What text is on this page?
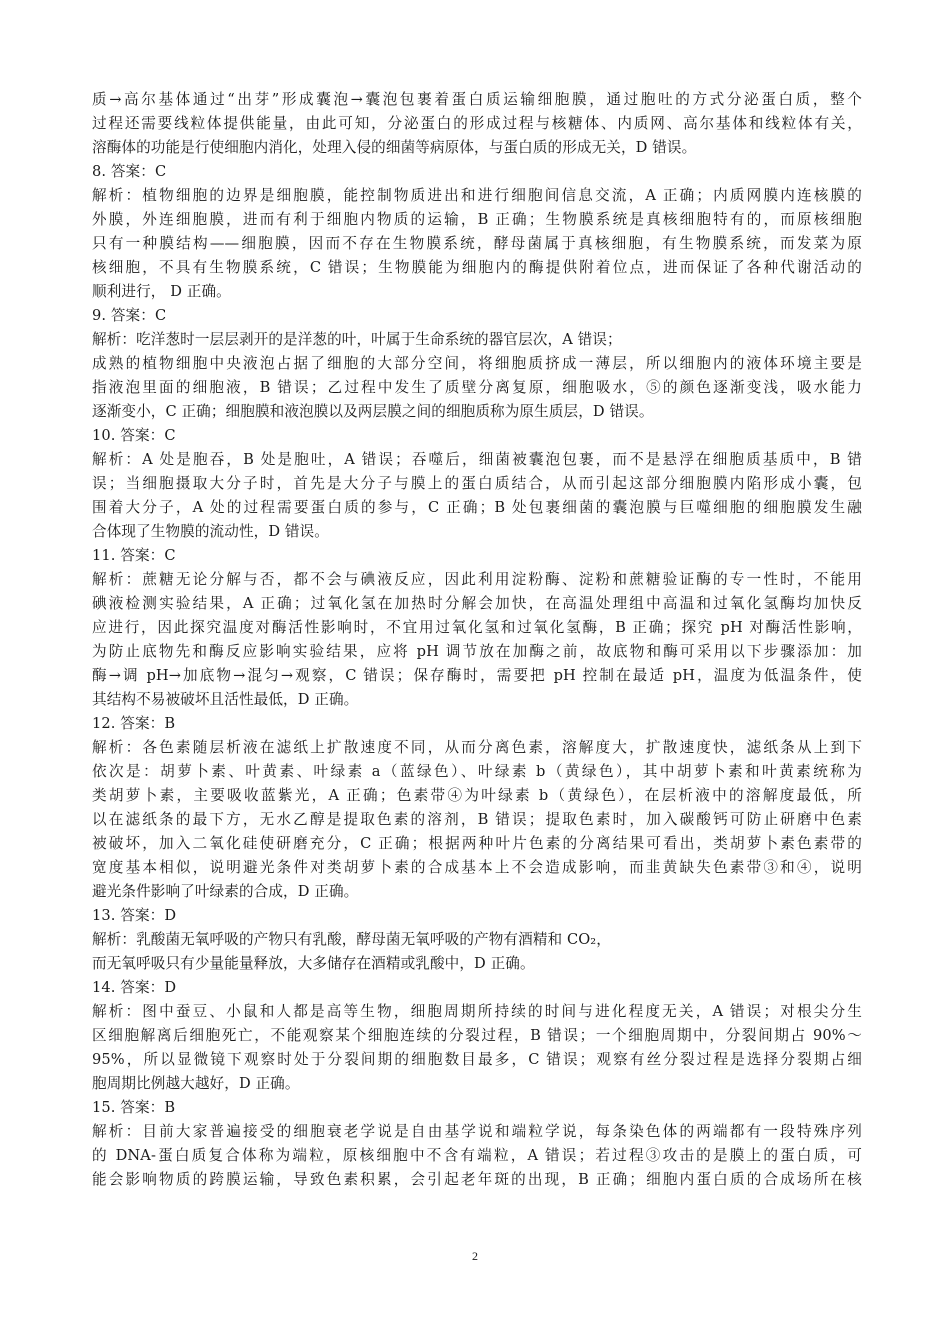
质→高尔基体通过“出芽”形成囊泡→囊泡包裹着蛋白质运输细胞膜，通过胞吐的方式分泌蛋白质，整个
过程还需要线粒体提供能量，由此可知，分泌蛋白的形成过程与核糖体、内质网、高尔基体和线粒体有关，
溶酶体的功能是行使细胞内消化，处理入侵的细菌等病原体，与蛋白质的形成无关，D 错误。
8. 答案：C
解析：植物细胞的边界是细胞膜，能控制物质进出和进行细胞间信息交流，A 正确；内质网膜内连核膜的
外膜，外连细胞膜，进而有利于细胞内物质的运输，B 正确；生物膜系统是真核细胞特有的，而原核细胞
只有一种膜结构——细胞膜，因而不存在生物膜系统，酵母菌属于真核细胞，有生物膜系统，而发菜为原
核细胞，不具有生物膜系统，C 错误；生物膜能为细胞内的酶提供附着位点，进而保证了各种代谢活动的
顺利进行， D 正确。
9. 答案：C
解析：吃洋葱时一层层剥开的是洋葱的叶，叶属于生命系统的器官层次，A 错误；
成熟的植物细胞中央液泡占据了细胞的大部分空间，将细胞质挤成一薄层，所以细胞内的液体环境主要是
指液泡里面的细胞液，B 错误；乙过程中发生了质壁分离复原，细胞吸水，⑤的颜色逐渐变浅，吸水能力
逐渐变小，C 正确；细胞膜和液泡膜以及两层膜之间的细胞质称为原生质层，D 错误。
10. 答案：C
解析：A 处是胞吞，B 处是胞吐，A 错误；吞噬后，细菌被囊泡包裹，而不是悬浮在细胞质基质中，B 错
误；当细胞摄取大分子时，首先是大分子与膜上的蛋白质结合，从而引起这部分细胞膜内陷形成小囊，包
围着大分子，A 处的过程需要蛋白质的参与，C 正确；B 处包裹细菌的囊泡膜与巨噬细胞的细胞膜发生融
合体现了生物膜的流动性，D 错误。
11. 答案：C
解析：蔗糖无论分解与否，都不会与碘液反应，因此利用淀粉酶、淀粉和蔗糖验证酶的专一性时，不能用
碘液检测实验结果，A 正确；过氧化氢在加热时分解会加快，在高温处理组中高温和过氧化氢酶均加快反
应进行，因此探究温度对酶活性影响时，不宜用过氧化氢和过氧化氢酶，B 正确；探究 pH 对酶活性影响，
为防止底物先和酶反应影响实验结果，应将 pH 调节放在加酶之前，故底物和酶可采用以下步骤添加：加
酶→调 pH→加底物→混匀→观察，C 错误；保存酶时，需要把 pH 控制在最适 pH，温度为低温条件，使
其结构不易被破坏且活性最低，D 正确。
12. 答案：B
解析：各色素随层析液在滤纸上扩散速度不同，从而分离色素，溶解度大，扩散速度快，滤纸条从上到下
依次是：胡萝卜素、叶黄素、叶绿素 a（蓝绿色）、叶绿素 b（黄绿色），其中胡萝卜素和叶黄素统称为
类胡萝卜素，主要吸收蓝紫光，A 正确；色素带④为叶绿素 b（黄绿色），在层析液中的溶解度最低，所
以在滤纸条的最下方，无水乙醇是提取色素的溶剂，B 错误；提取色素时，加入碳酸钙可防止研磨中色素
被破坏，加入二氧化硅使研磨充分，C 正确；根据两种叶片色素的分离结果可看出，类胡萝卜素色素带的
宽度基本相似，说明避光条件对类胡萝卜素的合成基本上不会造成影响，而韭黄缺失色素带③和④，说明
避光条件影响了叶绿素的合成，D 正确。
13. 答案：D
解析：乳酸菌无氧呼吸的产物只有乳酸，酵母菌无氧呼吸的产物有酒精和 CO₂，
而无氧呼吸只有少量能量释放，大多储存在酒精或乳酸中，D 正确。
14. 答案：D
解析：图中蚕豆、小鼠和人都是高等生物，细胞周期所持续的时间与进化程度无关，A 错误；对根尖分生
区细胞解离后细胞死亡，不能观察某个细胞连续的分裂过程，B 错误；一个细胞周期中，分裂间期占 90%～
95%，所以显微镜下观察时处于分裂间期的细胞数目最多，C 错误；观察有丝分裂过程是选择分裂期占细
胞周期比例越大越好，D 正确。
15. 答案：B
解析：目前大家普遍接受的细胞衰老学说是自由基学说和端粒学说，每条染色体的两端都有一段特殊序列
的 DNA-蛋白质复合体称为端粒，原核细胞中不含有端粒，A 错误；若过程③攻击的是膜上的蛋白质，可
能会影响物质的跨膜运输，导致色素积累，会引起老年斑的出现，B 正确；细胞内蛋白质的合成场所在核
2
